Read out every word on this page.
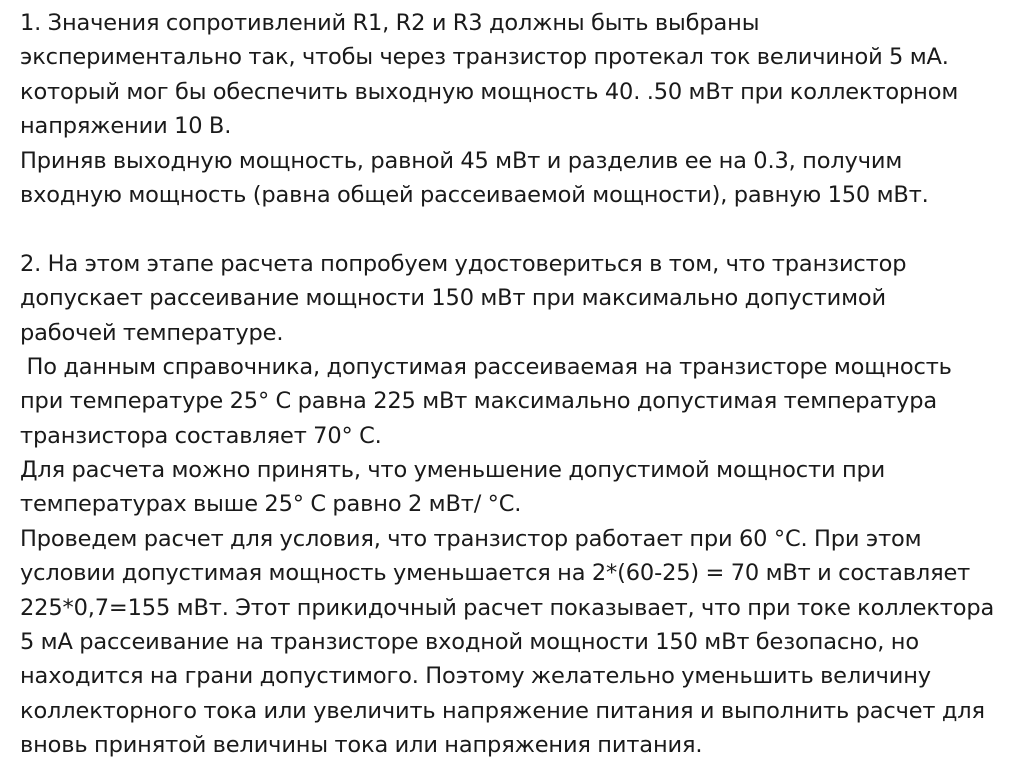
1. Значения сопротивлений R1, R2 и R3 должны быть выбраны
экспериментально так, чтобы через транзистор протекал ток величиной 5 мА.
который мог бы обеспечить выходную мощность 40. .50 мВт при коллекторном
напряжении 10 В.
Приняв выходную мощность, равной 45 мВт и разделив ее на 0.3, получим
входную мощность (равна общей рассеиваемой мощности), равную 150 мВт.
2. На этом этапе расчета попробуем удостовериться в том, что транзистор
допускает рассеивание мощности 150 мВт при максимально допустимой
рабочей температуре.
По данным справочника, допустимая рассеиваемая на транзисторе мощность
при температуре 25° С равна 225 мВт максимально допустимая температура
транзистора составляет 70° С.
Для расчета можно принять, что уменьшение допустимой мощности при
температурах выше 25° С равно 2 мВт/ °С.
Проведем расчет для условия, что транзистор работает при 60 °С. При этом
условии допустимая мощность уменьшается на 2*(60-25) = 70 мВт и составляет
225*0,7=155 мВт. Этот прикидочный расчет показывает, что при токе коллектора
5 мА рассеивание на транзисторе входной мощности 150 мВт безопасно, но
находится на грани допустимого. Поэтому желательно уменьшить величину
коллекторного тока или увеличить напряжение питания и выполнить расчет для
вновь принятой величины тока или напряжения питания.
